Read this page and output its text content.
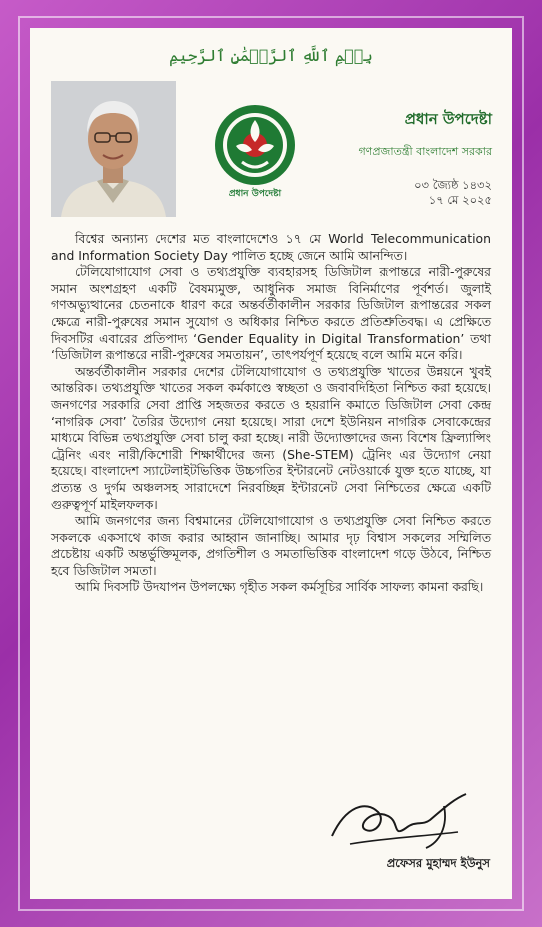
بِسۡمِ ٱللَّهِ ٱلرَّحۡمَٰنِ ٱلرَّحِيمِ
প্রধান উপদেষ্টা
প্রধান উপদেষ্টা
গণপ্রজাতন্ত্রী বাংলাদেশ সরকার
০৩ জ্যৈষ্ঠ ১৪৩২
১৭ মে ২০২৫

বিশ্বের অন্যান্য দেশের মত বাংলাদেশেও ১৭ মে World Telecommunication and Information Society Day পালিত হচ্ছে জেনে আমি আনন্দিত।

টেলিযোগাযোগ সেবা ও তথ্যপ্রযুক্তি ব্যবহারসহ ডিজিটাল রূপান্তরে নারী-পুরুষের সমান অংশগ্রহণ একটি বৈষম্যমুক্ত, আধুনিক সমাজ বিনির্মাণের পূর্বশর্ত। জুলাই গণঅভ্যুত্থানের চেতনাকে ধারণ করে অন্তর্বর্তীকালীন সরকার ডিজিটাল রূপান্তরের সকল ক্ষেত্রে নারী-পুরুষের সমান সুযোগ ও অধিকার নিশ্চিত করতে প্রতিশ্রুতিবদ্ধ। এ প্রেক্ষিতে দিবসটির এবারের প্রতিপাদ্য ‘Gender Equality in Digital Transformation’ তথা ‘ডিজিটাল রূপান্তরে নারী-পুরুষের সমতায়ন’, তাৎপর্যপূর্ণ হয়েছে বলে আমি মনে করি।

অন্তর্বর্তীকালীন সরকার দেশের টেলিযোগাযোগ ও তথ্যপ্রযুক্তি খাতের উন্নয়নে খুবই আন্তরিক। তথ্যপ্রযুক্তি খাতের সকল কর্মকাণ্ডে স্বচ্ছতা ও জবাবদিহিতা নিশ্চিত করা হয়েছে। জনগণের সরকারি সেবা প্রাপ্তি সহজতর করতে ও হয়রানি কমাতে ডিজিটাল সেবা কেন্দ্র ‘নাগরিক সেবা’ তৈরির উদ্যোগ নেয়া হয়েছে। সারা দেশে ইউনিয়ন নাগরিক সেবাকেন্দ্রের মাধ্যমে বিভিন্ন তথ্যপ্রযুক্তি সেবা চালু করা হচ্ছে। নারী উদ্যোক্তাদের জন্য বিশেষ ফ্রিল্যান্সিং ট্রেনিং এবং নারী/কিশোরী শিক্ষার্থীদের জন্য (She-STEM) ট্রেনিং এর উদ্যোগ নেয়া হয়েছে। বাংলাদেশ স্যাটেলাইটভিত্তিক উচ্চগতির ইন্টারনেট নেটওয়ার্কে যুক্ত হতে যাচ্ছে, যা প্রত্যন্ত ও দুর্গম অঞ্চলসহ সারাদেশে নিরবচ্ছিন্ন ইন্টারনেট সেবা নিশ্চিতের ক্ষেত্রে একটি গুরুত্বপূর্ণ মাইলফলক।

আমি জনগণের জন্য বিশ্বমানের টেলিযোগাযোগ ও তথ্যপ্রযুক্তি সেবা নিশ্চিত করতে সকলকে একসাথে কাজ করার আহ্বান জানাচ্ছি। আমার দৃঢ় বিশ্বাস সকলের সম্মিলিত প্রচেষ্টায় একটি অন্তর্ভুক্তিমূলক, প্রগতিশীল ও সমতাভিত্তিক বাংলাদেশ গড়ে উঠবে, নিশ্চিত হবে ডিজিটাল সমতা।

আমি দিবসটি উদযাপন উপলক্ষ্যে গৃহীত সকল কর্মসূচির সার্বিক সাফল্য কামনা করছি।

প্রফেসর মুহাম্মদ ইউনুস
